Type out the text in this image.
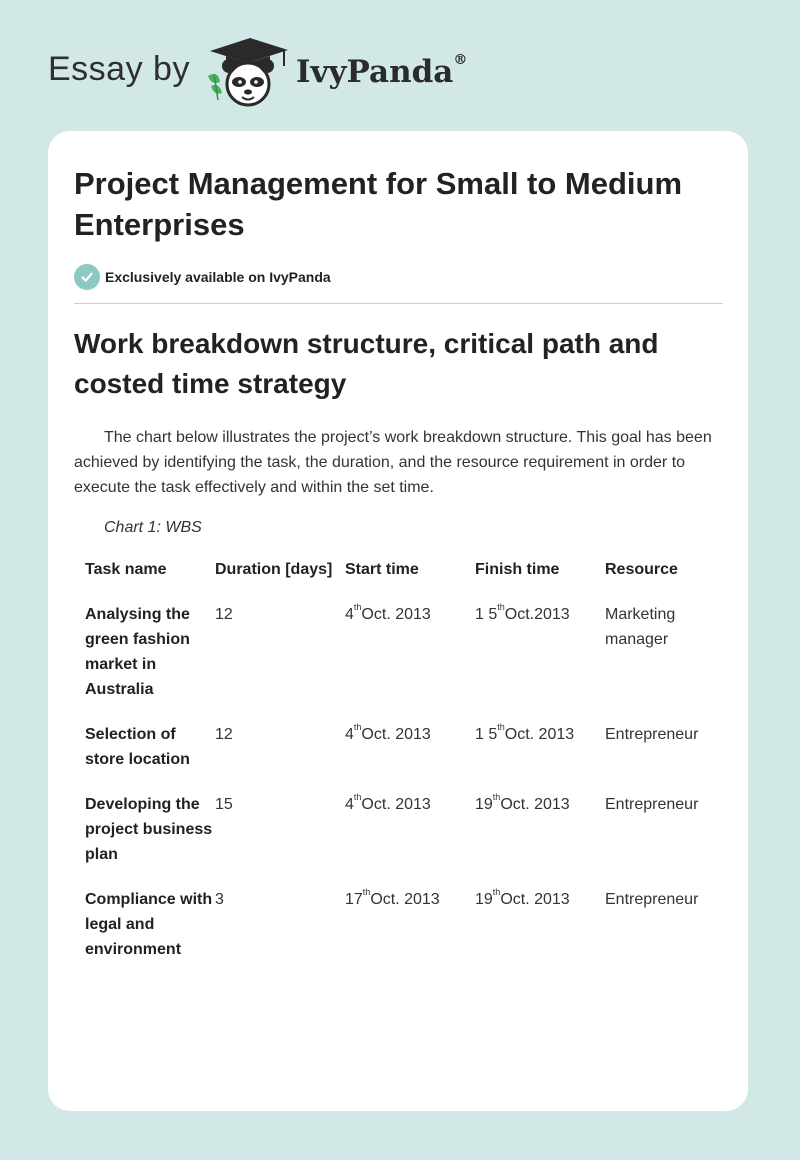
Essay by	IvyPanda®
Project Management for Small to Medium Enterprises
Exclusively available on IvyPanda
Work breakdown structure, critical path and costed time strategy

The chart below illustrates the project’s work breakdown structure. This goal has been achieved by identifying the task, the duration, and the resource requirement in order to execute the task effectively and within the set time.

Chart 1: WBS
Task name	Duration [days]	Start time	Finish time	Resource
Analysing the green fashion market in Australia	12	4thOct. 2013	1 5thOct.2013	Marketing manager
Selection of store location	12	4thOct. 2013	1 5thOct. 2013	Entrepreneur
Developing the project business plan	15	4thOct. 2013	19thOct. 2013	Entrepreneur
Compliance with legal and environment	3	17thOct. 2013	19thOct. 2013	Entrepreneur
